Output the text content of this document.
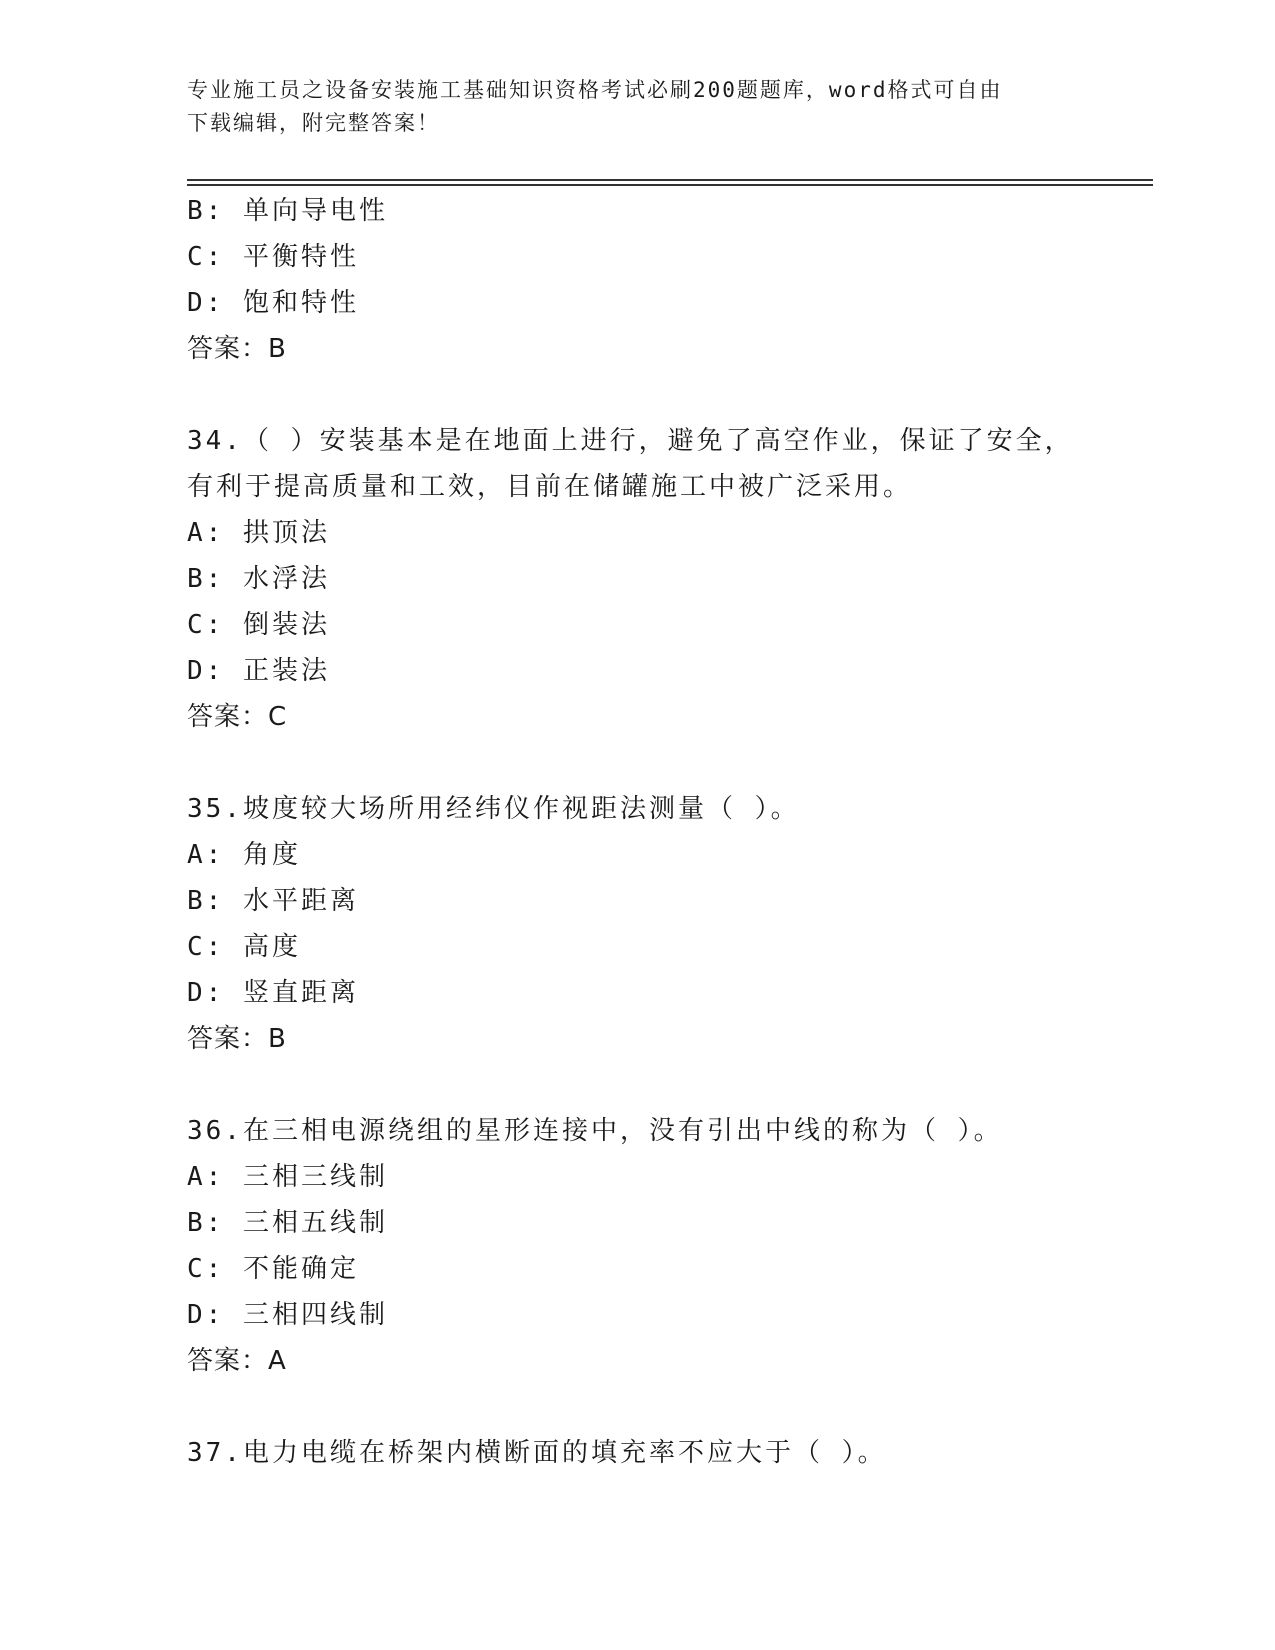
专业施工员之设备安装施工基础知识资格考试必刷200题题库，word格式可自由
下载编辑，附完整答案！
B: 单向导电性
C: 平衡特性
D: 饱和特性
答案：B
34.（ ）安装基本是在地面上进行，避免了高空作业，保证了安全，
有利于提高质量和工效，目前在储罐施工中被广泛采用。
A: 拱顶法
B: 水浮法
C: 倒装法
D: 正装法
答案：C
35.坡度较大场所用经纬仪作视距法测量（ ）。
A: 角度
B: 水平距离
C: 高度
D: 竖直距离
答案：B
36.在三相电源绕组的星形连接中，没有引出中线的称为（ ）。
A: 三相三线制
B: 三相五线制
C: 不能确定
D: 三相四线制
答案：A
37.电力电缆在桥架内横断面的填充率不应大于（ ）。
